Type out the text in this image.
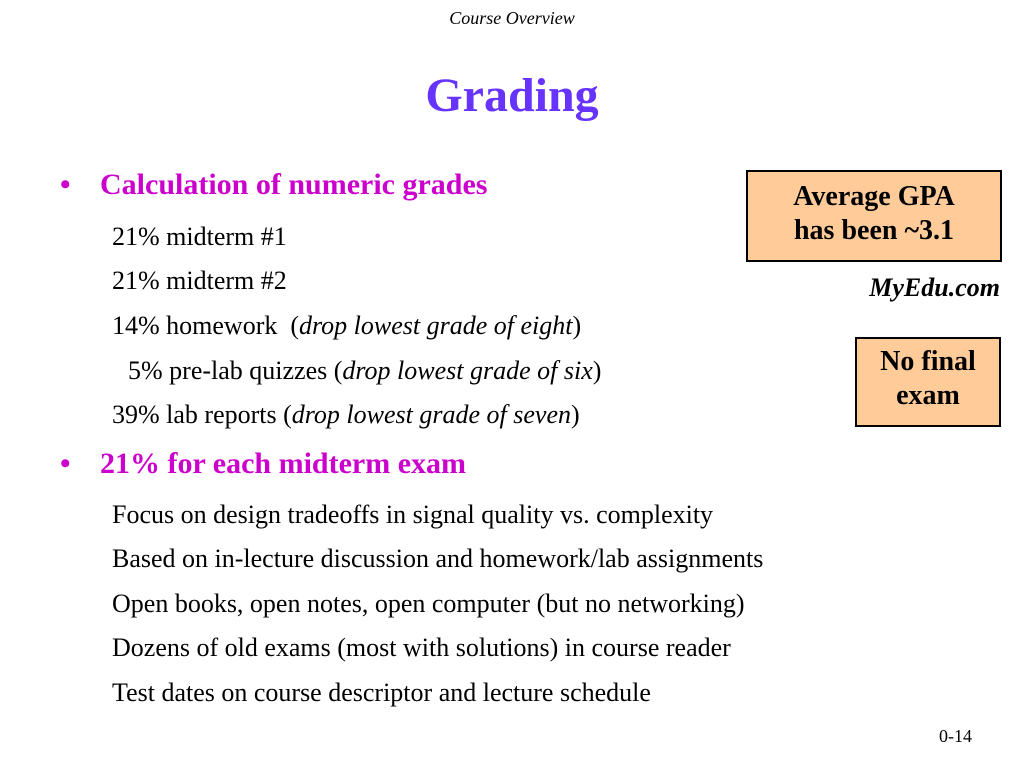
Course Overview
Grading
• Calculation of numeric grades
21% midterm #1
21% midterm #2
14% homework  (drop lowest grade of eight)
5% pre-lab quizzes (drop lowest grade of six)
39% lab reports (drop lowest grade of seven)
• 21% for each midterm exam
Focus on design tradeoffs in signal quality vs. complexity
Based on in-lecture discussion and homework/lab assignments
Open books, open notes, open computer (but no networking)
Dozens of old exams (most with solutions) in course reader
Test dates on course descriptor and lecture schedule
Average GPA
has been ~3.1
MyEdu.com
No final
exam
0-14
